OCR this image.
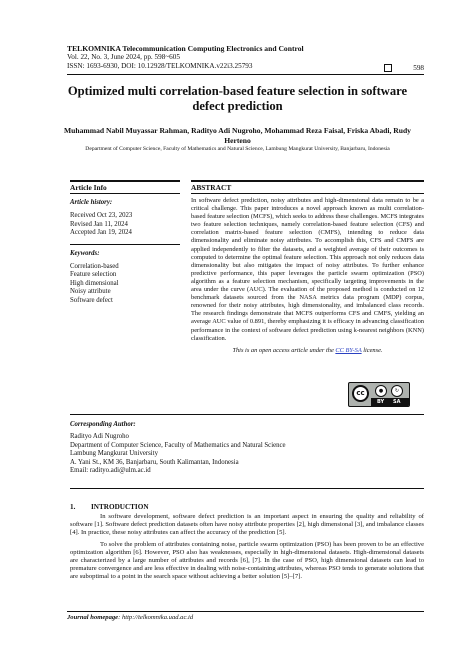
TELKOMNIKA Telecommunication Computing Electronics and Control
Vol. 22, No. 3, June 2024, pp. 598~605
ISSN: 1693-6930, DOI: 10.12928/TELKOMNIKA.v22i3.25793	598
Optimized multi correlation-based feature selection in software defect prediction
Muhammad Nabil Muyassar Rahman, Radityo Adi Nugroho, Mohammad Reza Faisal, Friska Abadi, Rudy Herteno
Department of Computer Science, Faculty of Mathematics and Natural Science, Lambung Mangkurat University, Banjarbaru, Indonesia
Article Info
Article history:
Received Oct 23, 2023
Revised Jan 11, 2024
Accepted Jan 19, 2024
Keywords:
Correlation-based
Feature selection
High dimensional
Noisy attribute
Software defect
ABSTRACT
In software defect prediction, noisy attributes and high-dimensional data remain to be a critical challenge. This paper introduces a novel approach known as multi correlation-based feature selection (MCFS), which seeks to address these challenges. MCFS integrates two feature selection techniques, namely correlation-based feature selection (CFS) and correlation matrix-based feature selection (CMFS), intending to reduce data dimensionality and eliminate noisy attributes. To accomplish this, CFS and CMFS are applied independently to filter the datasets, and a weighted average of their outcomes is computed to determine the optimal feature selection. This approach not only reduces data dimensionality but also mitigates the impact of noisy attributes. To further enhance predictive performance, this paper leverages the particle swarm optimization (PSO) algorithm as a feature selection mechanism, specifically targeting improvements in the area under the curve (AUC). The evaluation of the proposed method is conducted on 12 benchmark datasets sourced from the NASA metrics data program (MDP) corpus, renowned for their noisy attributes, high dimensionality, and imbalanced class records. The research findings demonstrate that MCFS outperforms CFS and CMFS, yielding an average AUC value of 0.891, thereby emphasizing it is efficacy in advancing classification performance in the context of software defect prediction using k-nearest neighbors (KNN) classification.
This is an open access article under the CC BY-SA license.
cc	●	↻
BY SA
Corresponding Author:
Radityo Adi Nugroho
Department of Computer Science, Faculty of Mathematics and Natural Science
Lambung Mangkurat University
A. Yani St., KM 36, Banjarbaru, South Kalimantan, Indonesia
Email: radityo.adi@ulm.ac.id
1. INTRODUCTION

In software development, software defect prediction is an important aspect in ensuring the quality and reliability of software [1]. Software defect prediction datasets often have noisy attribute properties [2], high dimensional [3], and imbalance classes [4]. In practice, these noisy attributes can affect the accuracy of the prediction [5].

To solve the problem of attributes containing noise, particle swarm optimization (PSO) has been proven to be an effective optimization algorithm [6]. However, PSO also has weaknesses, especially in high-dimensional datasets. High-dimensional datasets are characterized by a large number of attributes and records [6], [7]. In the case of PSO, high dimensional datasets can lead to premature convergence and are less effective in dealing with noise-containing attributes, whereas PSO tends to generate solutions that are suboptimal to a point in the search space without achieving a better solution [5]–[7].

Journal homepage: http://telkomnika.uad.ac.id
